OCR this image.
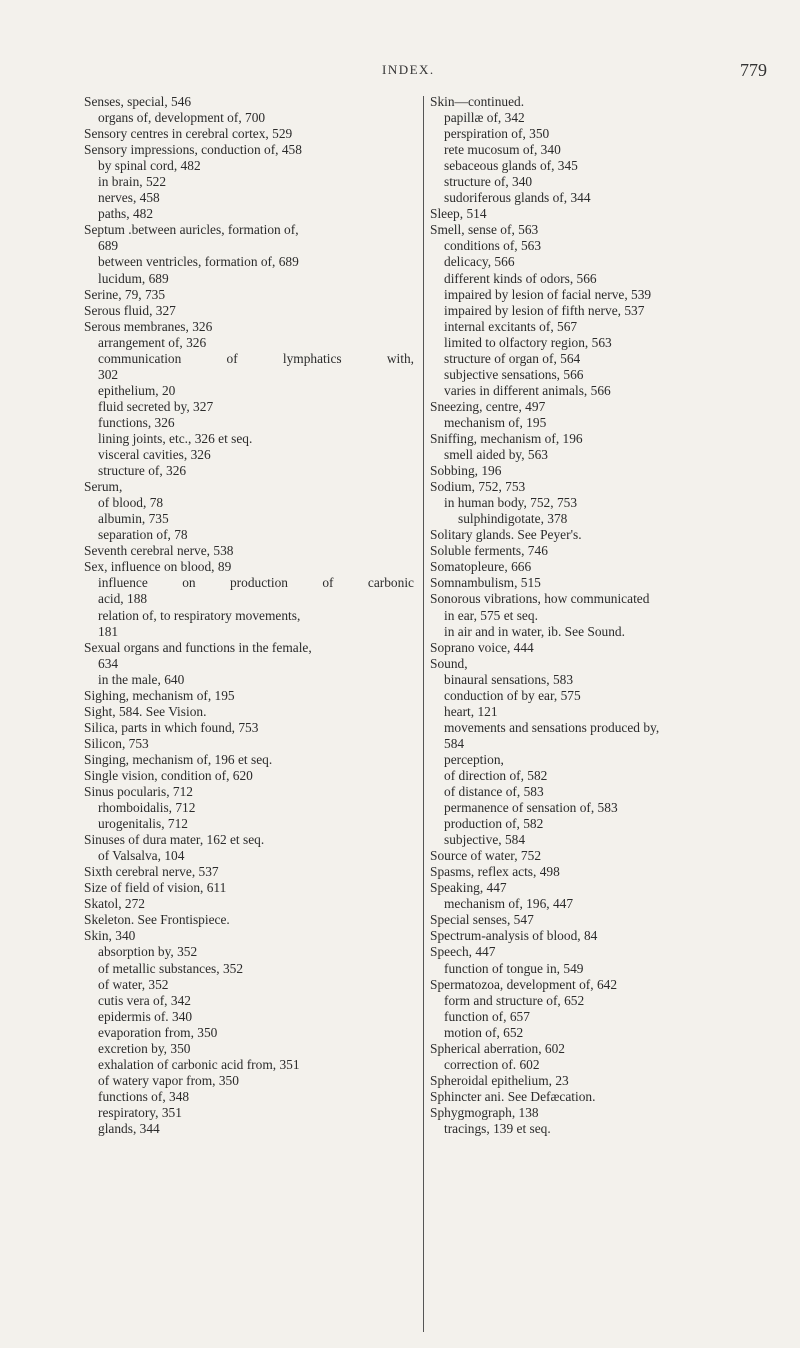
INDEX.	779
Senses, special, 546
organs of, development of, 700
Sensory centres in cerebral cortex, 529
Sensory impressions, conduction of, 458
by spinal cord, 482
in brain, 522
nerves, 458
paths, 482
Septum .between auricles, formation of,
689
between ventricles, formation of, 689
lucidum, 689
Serine, 79, 735
Serous fluid, 327
Serous membranes, 326
arrangement of, 326
communication of lymphatics with,
302
epithelium, 20
fluid secreted by, 327
functions, 326
lining joints, etc., 326 et seq.
visceral cavities, 326
structure of, 326
Serum,
of blood, 78
albumin, 735
separation of, 78
Seventh cerebral nerve, 538
Sex, influence on blood, 89
influence on production of carbonic
acid, 188
relation of, to respiratory movements,
181
Sexual organs and functions in the female,
634
in the male, 640
Sighing, mechanism of, 195
Sight, 584. See Vision.
Silica, parts in which found, 753
Silicon, 753
Singing, mechanism of, 196 et seq.
Single vision, condition of, 620
Sinus pocularis, 712
rhomboidalis, 712
urogenitalis, 712
Sinuses of dura mater, 162 et seq.
of Valsalva, 104
Sixth cerebral nerve, 537
Size of field of vision, 611
Skatol, 272
Skeleton. See Frontispiece.
Skin, 340
absorption by, 352
of metallic substances, 352
of water, 352
cutis vera of, 342
epidermis of. 340
evaporation from, 350
excretion by, 350
exhalation of carbonic acid from, 351
of watery vapor from, 350
functions of, 348
respiratory, 351
glands, 344
Skin—continued.
papillæ of, 342
perspiration of, 350
rete mucosum of, 340
sebaceous glands of, 345
structure of, 340
sudoriferous glands of, 344
Sleep, 514
Smell, sense of, 563
conditions of, 563
delicacy, 566
different kinds of odors, 566
impaired by lesion of facial nerve, 539
impaired by lesion of fifth nerve, 537
internal excitants of, 567
limited to olfactory region, 563
structure of organ of, 564
subjective sensations, 566
varies in different animals, 566
Sneezing, centre, 497
mechanism of, 195
Sniffing, mechanism of, 196
smell aided by, 563
Sobbing, 196
Sodium, 752, 753
in human body, 752, 753
sulphindigotate, 378
Solitary glands. See Peyer's.
Soluble ferments, 746
Somatopleure, 666
Somnambulism, 515
Sonorous vibrations, how communicated
in ear, 575 et seq.
in air and in water, ib. See Sound.
Soprano voice, 444
Sound,
binaural sensations, 583
conduction of by ear, 575
heart, 121
movements and sensations produced by,
584
perception,
of direction of, 582
of distance of, 583
permanence of sensation of, 583
production of, 582
subjective, 584
Source of water, 752
Spasms, reflex acts, 498
Speaking, 447
mechanism of, 196, 447
Special senses, 547
Spectrum-analysis of blood, 84
Speech, 447
function of tongue in, 549
Spermatozoa, development of, 642
form and structure of, 652
function of, 657
motion of, 652
Spherical aberration, 602
correction of. 602
Spheroidal epithelium, 23
Sphincter ani. See Defæcation.
Sphygmograph, 138
tracings, 139 et seq.
